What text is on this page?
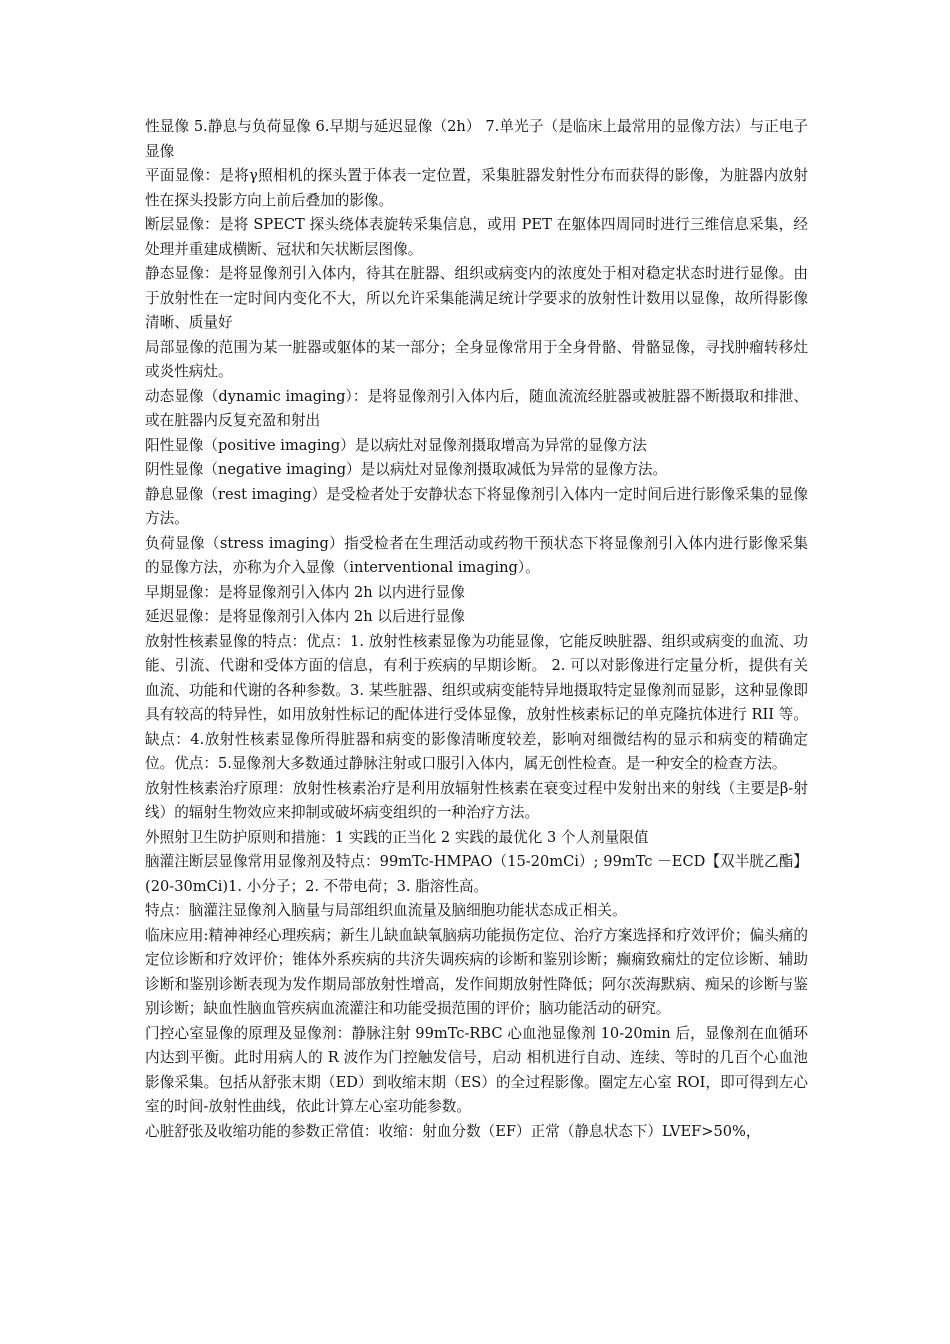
性显像 5.静息与负荷显像 6.早期与延迟显像（2h） 7.单光子（是临床上最常用的显像方法）与正电子显像

平面显像：是将γ照相机的探头置于体表一定位置，采集脏器发射性分布而获得的影像，为脏器内放射性在探头投影方向上前后叠加的影像。

断层显像：是将 SPECT 探头绕体表旋转采集信息，或用 PET 在躯体四周同时进行三维信息采集，经处理并重建成横断、冠状和矢状断层图像。

静态显像：是将显像剂引入体内，待其在脏器、组织或病变内的浓度处于相对稳定状态时进行显像。由于放射性在一定时间内变化不大，所以允许采集能满足统计学要求的放射性计数用以显像，故所得影像清晰、质量好

局部显像的范围为某一脏器或躯体的某一部分；全身显像常用于全身骨骼、骨骼显像，寻找肿瘤转移灶或炎性病灶。

动态显像（dynamic imaging）：是将显像剂引入体内后，随血流流经脏器或被脏器不断摄取和排泄、或在脏器内反复充盈和射出

阳性显像（positive imaging）是以病灶对显像剂摄取增高为异常的显像方法

阴性显像（negative imaging）是以病灶对显像剂摄取减低为异常的显像方法。

静息显像（rest imaging）是受检者处于安静状态下将显像剂引入体内一定时间后进行影像采集的显像方法。

负荷显像（stress imaging）指受检者在生理活动或药物干预状态下将显像剂引入体内进行影像采集的显像方法，亦称为介入显像（interventional imaging）。

早期显像：是将显像剂引入体内 2h 以内进行显像

延迟显像：是将显像剂引入体内 2h 以后进行显像

放射性核素显像的特点：优点：1. 放射性核素显像为功能显像，它能反映脏器、组织或病变的血流、功能、引流、代谢和受体方面的信息，有利于疾病的早期诊断。 2. 可以对影像进行定量分析，提供有关血流、功能和代谢的各种参数。3. 某些脏器、组织或病变能特异地摄取特定显像剂而显影，这种显像即具有较高的特异性，如用放射性标记的配体进行受体显像，放射性核素标记的单克隆抗体进行 RII 等。缺点：4.放射性核素显像所得脏器和病变的影像清晰度较差，影响对细微结构的显示和病变的精确定位。优点：5.显像剂大多数通过静脉注射或口服引入体内，属无创性检查。是一种安全的检查方法。

放射性核素治疗原理：放射性核素治疗是利用放辐射性核素在衰变过程中发射出来的射线（主要是β-射线）的辐射生物效应来抑制或破坏病变组织的一种治疗方法。

外照射卫生防护原则和措施：1 实践的正当化 2 实践的最优化 3 个人剂量限值

脑灌注断层显像常用显像剂及特点：99mTc-HMPAO（15-20mCi）; 99mTc －ECD【双半胱乙酯】(20-30mCi)1. 小分子；2. 不带电荷；3. 脂溶性高。

特点：脑灌注显像剂入脑量与局部组织血流量及脑细胞功能状态成正相关。

临床应用:精神神经心理疾病；新生儿缺血缺氧脑病功能损伤定位、治疗方案选择和疗效评价；偏头痛的定位诊断和疗效评价；锥体外系疾病的共济失调疾病的诊断和鉴别诊断；癫痫致痫灶的定位诊断、辅助诊断和鉴别诊断表现为发作期局部放射性增高，发作间期放射性降低；阿尔茨海默病、痴呆的诊断与鉴别诊断；缺血性脑血管疾病血流灌注和功能受损范围的评价；脑功能活动的研究。

门控心室显像的原理及显像剂：静脉注射 99mTc-RBC 心血池显像剂 10-20min 后，显像剂在血循环内达到平衡。此时用病人的 R 波作为门控触发信号，启动 相机进行自动、连续、等时的几百个心血池影像采集。包括从舒张末期（ED）到收缩末期（ES）的全过程影像。圈定左心室 ROI，即可得到左心室的时间-放射性曲线，依此计算左心室功能参数。

心脏舒张及收缩功能的参数正常值：收缩：射血分数（EF）正常（静息状态下）LVEF>50%，
